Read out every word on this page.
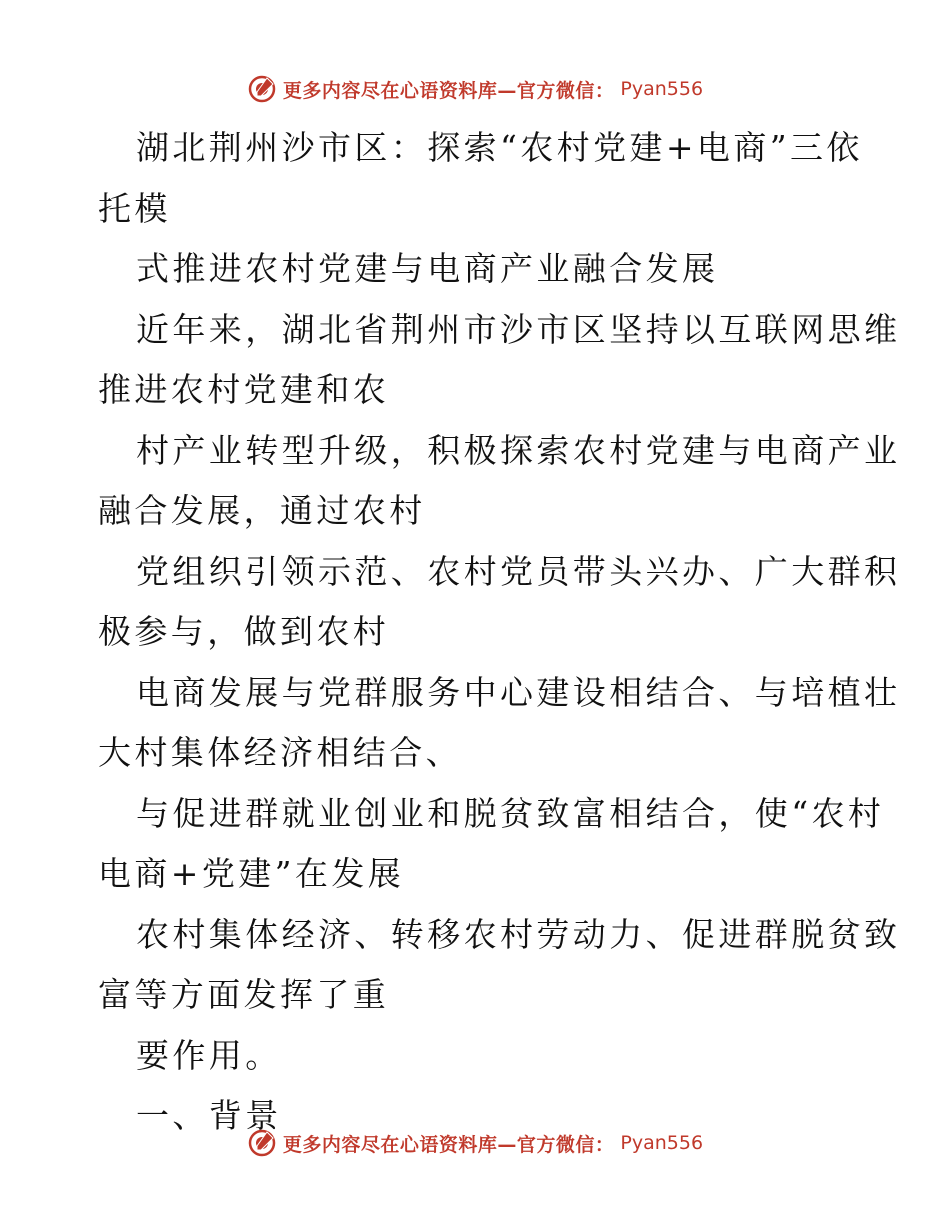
更多内容尽在心语资料库—官方微信： Pyan556
湖北荆州沙市区：探索“农村党建+电商”三依
托模
式推进农村党建与电商产业融合发展
近年来，湖北省荆州市沙市区坚持以互联网思维
推进农村党建和农
村产业转型升级，积极探索农村党建与电商产业
融合发展，通过农村
党组织引领示范、农村党员带头兴办、广大群积
极参与，做到农村
电商发展与党群服务中心建设相结合、与培植壮
大村集体经济相结合、
与促进群就业创业和脱贫致富相结合，使“农村
电商+党建”在发展
农村集体经济、转移农村劳动力、促进群脱贫致
富等方面发挥了重
要作用。
一、背景
更多内容尽在心语资料库—官方微信： Pyan556
